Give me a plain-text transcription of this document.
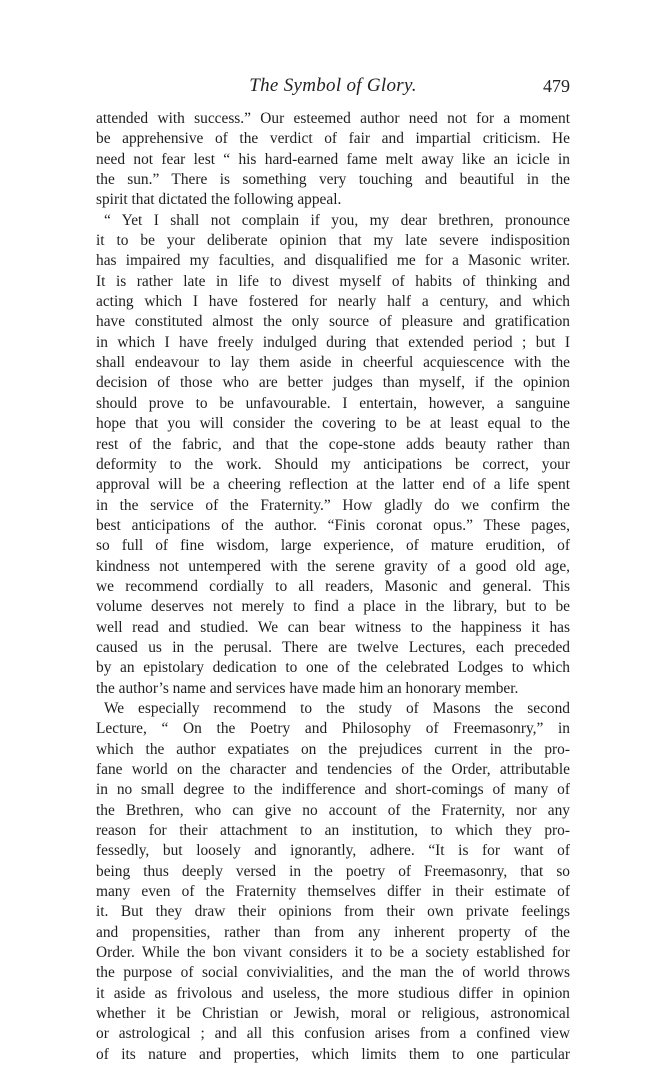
The Symbol of Glory.	479
attended with success.” Our esteemed author need not for a moment
be apprehensive of the verdict of fair and impartial criticism. He
need not fear lest “ his hard-earned fame melt away like an icicle in
the sun.” There is something very touching and beautiful in the
spirit that dictated the following appeal.
“ Yet I shall not complain if you, my dear brethren, pronounce
it to be your deliberate opinion that my late severe indisposition
has impaired my faculties, and disqualified me for a Masonic writer.
It is rather late in life to divest myself of habits of thinking and
acting which I have fostered for nearly half a century, and which
have constituted almost the only source of pleasure and gratification
in which I have freely indulged during that extended period ; but I
shall endeavour to lay them aside in cheerful acquiescence with the
decision of those who are better judges than myself, if the opinion
should prove to be unfavourable. I entertain, however, a sanguine
hope that you will consider the covering to be at least equal to the
rest of the fabric, and that the cope-stone adds beauty rather than
deformity to the work. Should my anticipations be correct, your
approval will be a cheering reflection at the latter end of a life spent
in the service of the Fraternity.” How gladly do we confirm the
best anticipations of the author. “Finis coronat opus.” These pages,
so full of fine wisdom, large experience, of mature erudition, of
kindness not untempered with the serene gravity of a good old age,
we recommend cordially to all readers, Masonic and general. This
volume deserves not merely to find a place in the library, but to be
well read and studied. We can bear witness to the happiness it has
caused us in the perusal. There are twelve Lectures, each preceded
by an epistolary dedication to one of the celebrated Lodges to which
the author’s name and services have made him an honorary member.
We especially recommend to the study of Masons the second
Lecture, “ On the Poetry and Philosophy of Freemasonry,” in
which the author expatiates on the prejudices current in the pro-
fane world on the character and tendencies of the Order, attributable
in no small degree to the indifference and short-comings of many of
the Brethren, who can give no account of the Fraternity, nor any
reason for their attachment to an institution, to which they pro-
fessedly, but loosely and ignorantly, adhere. “It is for want of
being thus deeply versed in the poetry of Freemasonry, that so
many even of the Fraternity themselves differ in their estimate of
it. But they draw their opinions from their own private feelings
and propensities, rather than from any inherent property of the
Order. While the bon vivant considers it to be a society established for
the purpose of social convivialities, and the man the of world throws
it aside as frivolous and useless, the more studious differ in opinion
whether it be Christian or Jewish, moral or religious, astronomical
or astrological ; and all this confusion arises from a confined view
of its nature and properties, which limits them to one particular
